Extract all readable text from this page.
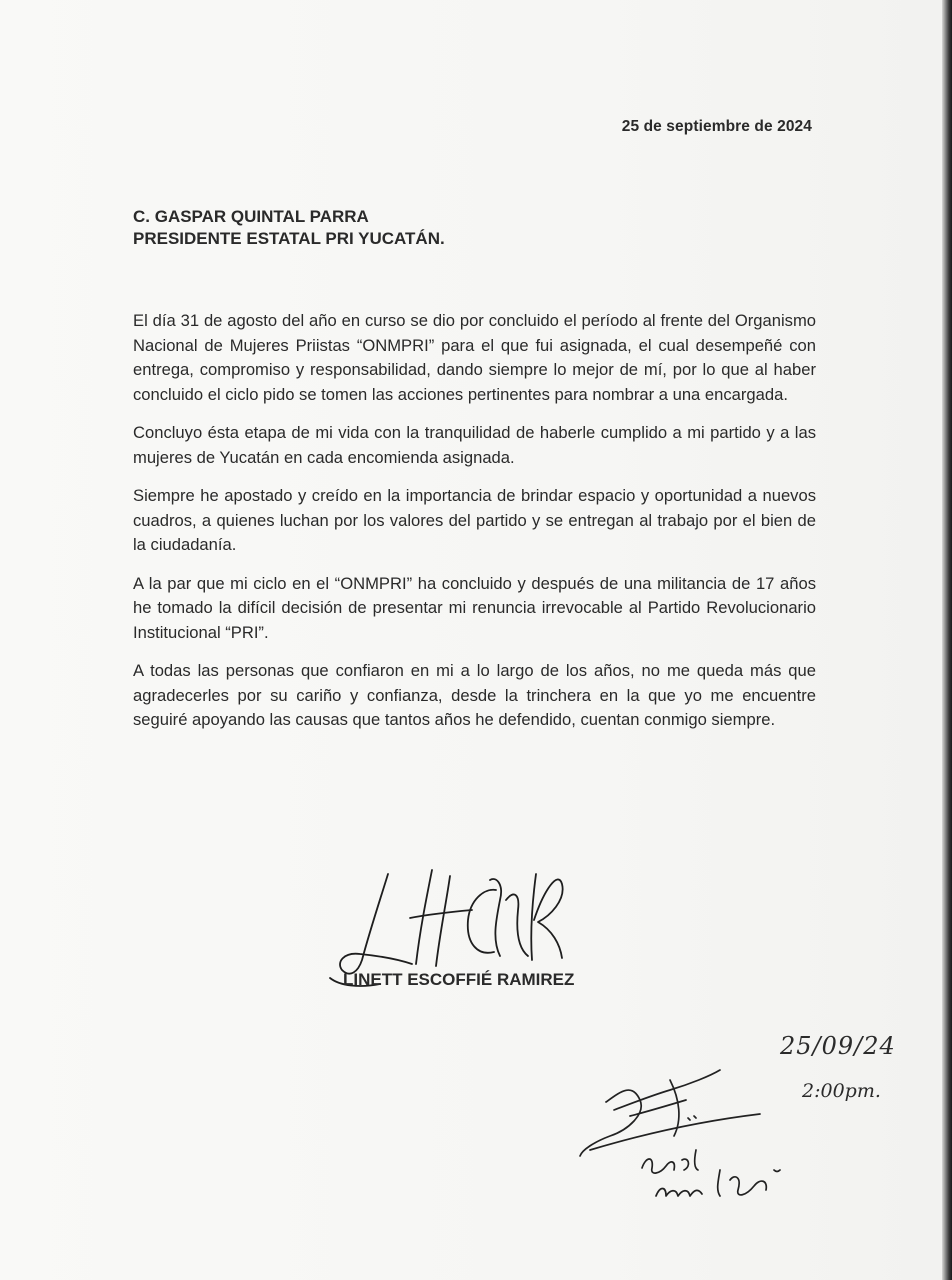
25 de septiembre de 2024
C. GASPAR QUINTAL PARRA
PRESIDENTE ESTATAL PRI YUCATÁN.

El día 31 de agosto del año en curso se dio por concluido el período al frente del Organismo Nacional de Mujeres Priistas “ONMPRI” para el que fui asignada, el cual desempeñé con entrega, compromiso y responsabilidad, dando siempre lo mejor de mí, por lo que al haber concluido el ciclo pido se tomen las acciones pertinentes para nombrar a una encargada.

Concluyo ésta etapa de mi vida con la tranquilidad de haberle cumplido a mi partido y a las mujeres de Yucatán en cada encomienda asignada.

Siempre he apostado y creído en la importancia de brindar espacio y oportunidad a nuevos cuadros, a quienes luchan por los valores del partido y se entregan al trabajo por el bien de la ciudadanía.

A la par que mi ciclo en el “ONMPRI” ha concluido y después de una militancia de 17 años he tomado la difícil decisión de presentar mi renuncia irrevocable al Partido Revolucionario Institucional “PRI”.

A todas las personas que confiaron en mi a lo largo de los años, no me queda más que agradecerles por su cariño y confianza, desde la trinchera en la que yo me encuentre seguiré apoyando las causas que tantos años he defendido, cuentan conmigo siempre.

LINETT ESCOFFIÉ RAMIREZ
25/09/24
2:00pm.
